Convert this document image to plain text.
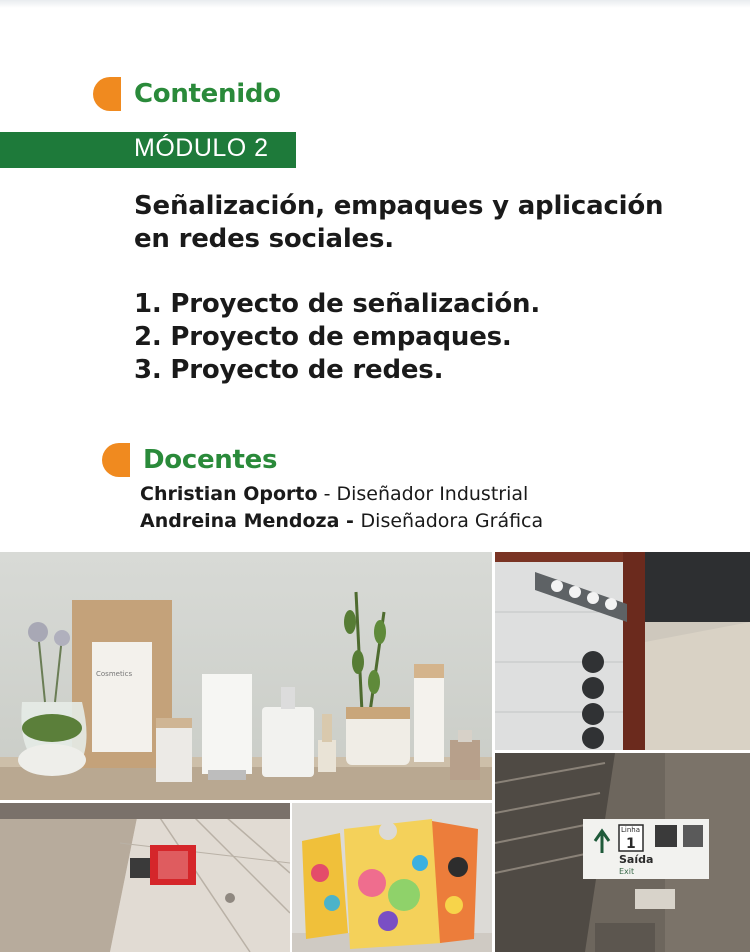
Contenido
MÓDULO 2
Señalización, empaques y aplicación
en redes sociales.
1. Proyecto de señalización.
2. Proyecto de empaques.
3. Proyecto de redes.
Docentes
Christian Oporto - Diseñador Industrial
Andreina Mendoza - Diseñadora Gráfica
Cosmetics
Linha
1
Saída
Exit
